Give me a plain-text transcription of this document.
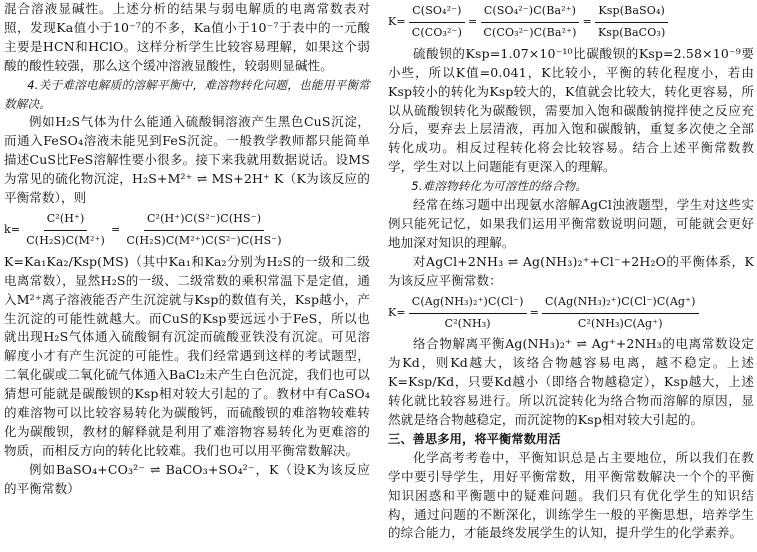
混合溶液显碱性。上述分析的结果与弱电解质的电离常数表对照，发现Ka值小于10⁻⁷的不多，Ka值小于10⁻⁷于表中的一元酸主要是HCN和HClO。这样分析学生比较容易理解，如果这个弱酸的酸性较强，那么这个缓冲溶液显酸性，较弱则显碱性。

4.关于难溶电解质的溶解平衡中，难溶物转化问题，也能用平衡常数解决。

例如H₂S气体为什么能通入硫酸铜溶液产生黑色CuS沉淀，而通入FeSO₄溶液未能见到FeS沉淀。一般教学教师都只能简单描述CuS比FeS溶解性要小很多。接下来我就用数据说话。设MS为常见的硫化物沉淀，H₂S+M²⁺ ⇌ MS+2H⁺ K（K为该反应的平衡常数），则

$k= \frac{\text{C²(H⁺)}}{\text{C(H₂S)C(M²⁺)}} = \frac{\text{C²(H⁺)C(S²⁻)C(HS⁻)}}{\text{C(H₂S)C(M²⁺)C(S²⁻)C(HS⁻)}}$

K=Ka₁Ka₂/Ksp(MS)（其中Ka₁和Ka₂分别为H₂S的一级和二级电离常数），显然H₂S的一级、二级常数的乘积常温下是定值，通入M²⁺离子溶液能否产生沉淀就与Ksp的数值有关，Ksp越小，产生沉淀的可能性就越大。而CuS的Ksp要远远小于FeS，所以也就出现H₂S气体通入硫酸铜有沉淀而硫酸亚铁没有沉淀。可见溶解度小才有产生沉淀的可能性。我们经常遇到这样的考试题型，二氧化碳或二氧化硫气体通入BaCl₂未产生白色沉淀，我们也可以猜想可能就是碳酸钡的Ksp相对较大引起的了。教材中有CaSO₄的难溶物可以比较容易转化为碳酸钙，而硫酸钡的难溶物较难转化为碳酸钡，教材的解释就是利用了难溶物容易转化为更难溶的物质，而相反方向的转化比较难。我们也可以用平衡常数解决。

例如BaSO₄+CO₃²⁻ ⇌ BaCO₃+SO₄²⁻，K（设K为该反应的平衡常数）

$K= \frac{\text{C(SO₄²⁻)}}{\text{C(CO₃²⁻)}} = \frac{\text{C(SO₄²⁻)C(Ba²⁺)}}{\text{C(CO₃²⁻)C(Ba²⁺)}} = \frac{\text{Ksp(BaSO₄)}}{\text{Ksp(BaCO₃)}}$

硫酸钡的Ksp=1.07×10⁻¹⁰比碳酸钡的Ksp=2.58×10⁻⁹要小些，所以K值=0.041，K比较小，平衡的转化程度小，若由Ksp较小的转化为Ksp较大的，K值就会比较大，转化更容易，所以从硫酸钡转化为碳酸钡，需要加入饱和碳酸钠搅拌使之反应充分后，要弃去上层清液，再加入饱和碳酸钠，重复多次使之全部转化成功。相反过程转化将会比较容易。结合上述平衡常数教学，学生对以上问题能有更深入的理解。

5.难溶物转化为可溶性的络合物。

经常在练习题中出现氨水溶解AgCl浊液题型，学生对这些实例只能死记忆，如果我们运用平衡常数说明问题，可能就会更好地加深对知识的理解。

对AgCl+2NH₃ ⇌ Ag(NH₃)₂⁺+Cl⁻+2H₂O的平衡体系，K为该反应平衡常数：

$K= \frac{\text{C(Ag(NH₃)₂⁺)C(Cl⁻)}}{\text{C²(NH₃)}} = \frac{\text{C(Ag(NH₃)₂⁺)C(Cl⁻)C(Ag⁺)}}{\text{C²(NH₃)C(Ag⁺)}}$

络合物解离平衡Ag(NH₃)₂⁺ ⇌ Ag⁺+2NH₃的电离常数设定为Kd，则Kd越大，该络合物越容易电离，越不稳定。上述K=Ksp/Kd，只要Kd越小（即络合物越稳定），Ksp越大，上述转化就比较容易进行。所以沉淀转化为络合物而溶解的原因，显然就是络合物越稳定，而沉淀物的Ksp相对较大引起的。

三、善思多用，将平衡常数用活

化学高考考卷中，平衡知识总是占主要地位，所以我们在教学中要引导学生，用好平衡常数，用平衡常数解决一个个的平衡知识困惑和平衡题中的疑难问题。我们只有优化学生的知识结构，通过问题的不断深化，训练学生一般的平衡思想，培养学生的综合能力，才能最终发展学生的认知，提升学生的化学素养。
